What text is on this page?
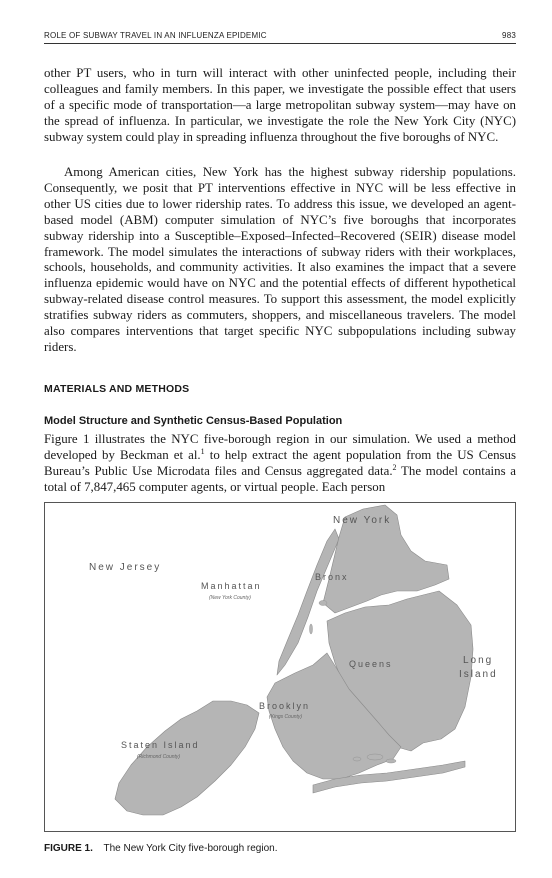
ROLE OF SUBWAY TRAVEL IN AN INFLUENZA EPIDEMIC	983

other PT users, who in turn will interact with other uninfected people, including their colleagues and family members. In this paper, we investigate the possible effect that users of a specific mode of transportation—a large metropolitan subway system—may have on the spread of influenza. In particular, we investigate the role the New York City (NYC) subway system could play in spreading influenza throughout the five boroughs of NYC.

Among American cities, New York has the highest subway ridership populations. Consequently, we posit that PT interventions effective in NYC will be less effective in other US cities due to lower ridership rates. To address this issue, we developed an agent-based model (ABM) computer simulation of NYC’s five boroughs that incorporates subway ridership into a Susceptible–Exposed–Infected–Recovered (SEIR) disease model framework. The model simulates the interactions of subway riders with their workplaces, schools, households, and community activities. It also examines the impact that a severe influenza epidemic would have on NYC and the potential effects of different hypothetical subway-related disease control measures. To support this assessment, the model explicitly stratifies subway riders as commuters, shoppers, and miscellaneous travelers. The model also compares interventions that target specific NYC subpopulations including subway riders.

MATERIALS AND METHODS
Model Structure and Synthetic Census-Based Population

Figure 1 illustrates the NYC five-borough region in our simulation. We used a method developed by Beckman et al.$^1$ to help extract the agent population from the US Census Bureau’s Public Use Microdata files and Census aggregated data.$^2$ The model contains a total of 7,847,465 computer agents, or virtual people. Each person

New York
New Jersey
Manhattan
(New York County)
Bronx
Queens	Long
Island
Brooklyn
(Kings County)
Staten Island
(Richmond County)
FIGURE 1. The New York City five-borough region.
